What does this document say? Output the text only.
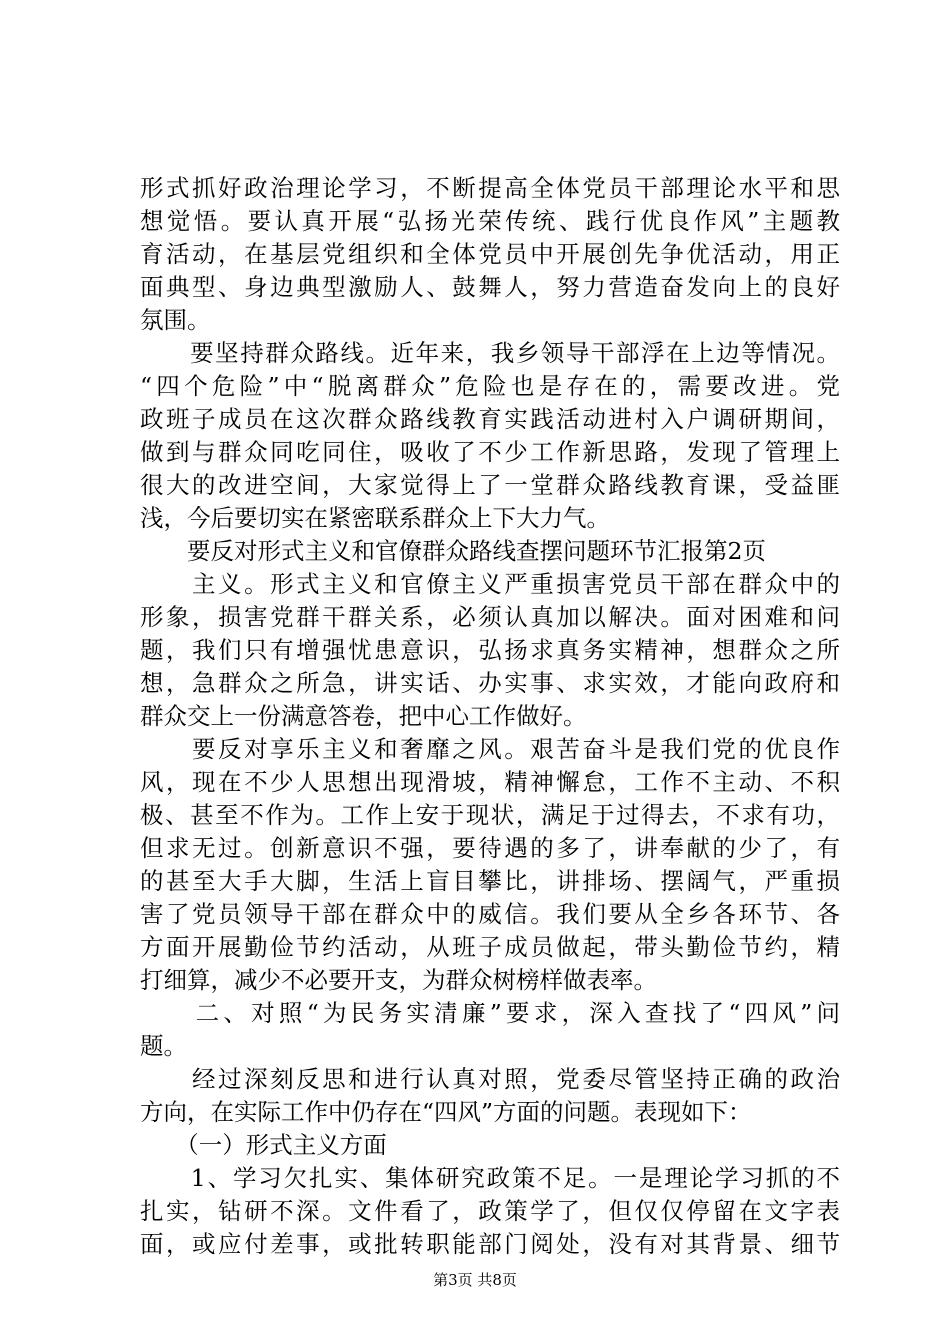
形式抓好政治理论学习，不断提高全体党员干部理论水平和思
想觉悟。要认真开展“弘扬光荣传统、践行优良作风”主题教
育活动，在基层党组织和全体党员中开展创先争优活动，用正
面典型、身边典型激励人、鼓舞人，努力营造奋发向上的良好
氛围。
　　要坚持群众路线。近年来，我乡领导干部浮在上边等情况。
“四个危险”中“脱离群众”危险也是存在的，需要改进。党
政班子成员在这次群众路线教育实践活动进村入户调研期间，
做到与群众同吃同住，吸收了不少工作新思路，发现了管理上
很大的改进空间，大家觉得上了一堂群众路线教育课，受益匪
浅，今后要切实在紧密联系群众上下大力气。
　　要反对形式主义和官僚群众路线查摆问题环节汇报第2页
　　主义。形式主义和官僚主义严重损害党员干部在群众中的
形象，损害党群干群关系，必须认真加以解决。面对困难和问
题，我们只有增强忧患意识，弘扬求真务实精神，想群众之所
想，急群众之所急，讲实话、办实事、求实效，才能向政府和
群众交上一份满意答卷，把中心工作做好。
　　要反对享乐主义和奢靡之风。艰苦奋斗是我们党的优良作
风，现在不少人思想出现滑坡，精神懈怠，工作不主动、不积
极、甚至不作为。工作上安于现状，满足于过得去，不求有功，
但求无过。创新意识不强，要待遇的多了，讲奉献的少了，有
的甚至大手大脚，生活上盲目攀比，讲排场、摆阔气，严重损
害了党员领导干部在群众中的威信。我们要从全乡各环节、各
方面开展勤俭节约活动，从班子成员做起，带头勤俭节约，精
打细算，减少不必要开支，为群众树榜样做表率。
　　二、对照“为民务实清廉”要求，深入查找了“四风”问
题。
　　经过深刻反思和进行认真对照，党委尽管坚持正确的政治
方向，在实际工作中仍存在“四风”方面的问题。表现如下：
　　（一）形式主义方面
　　1、学习欠扎实、集体研究政策不足。一是理论学习抓的不
扎实，钻研不深。文件看了，政策学了，但仅仅停留在文字表
面，或应付差事，或批转职能部门阅处，没有对其背景、细节
第3页 共8页
